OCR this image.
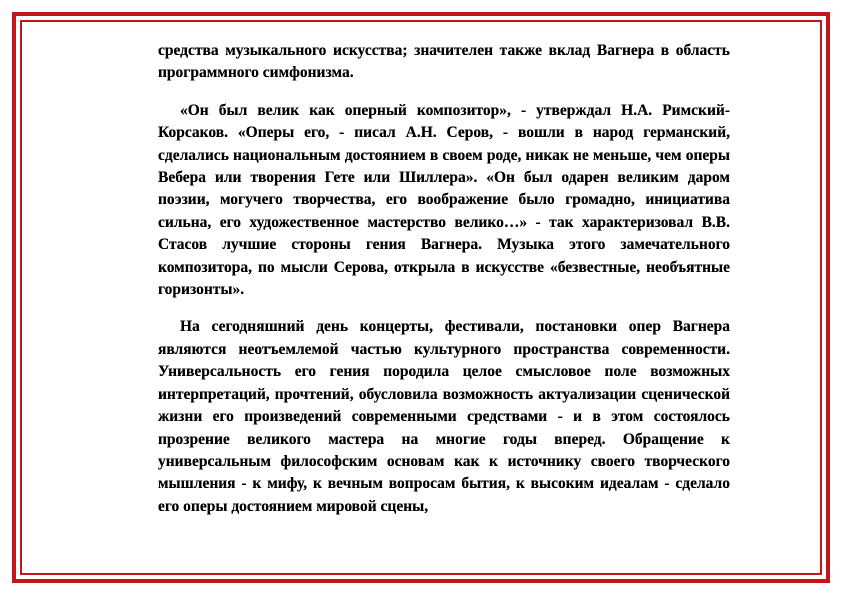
средства музыкального искусства; значителен также вклад Вагнера в область программного симфонизма.

«Он был велик как оперный композитор», - утверждал Н.А. Римский-Корсаков. «Оперы его, - писал А.Н. Серов, - вошли в народ германский, сделались национальным достоянием в своем роде, никак не меньше, чем оперы Вебера или творения Гете или Шиллера». «Он был одарен великим даром поэзии, могучего творчества, его воображение было громадно, инициатива сильна, его художественное мастерство велико…» - так характеризовал В.В. Стасов лучшие стороны гения Вагнера. Музыка этого замечательного композитора, по мысли Серова, открыла в искусстве «безвестные, необъятные горизонты».

На сегодняшний день концерты, фестивали, постановки опер Вагнера являются неотъемлемой частью культурного пространства современности. Универсальность его гения породила целое смысловое поле возможных интерпретаций, прочтений, обусловила возможность актуализации сценической жизни его произведений современными средствами - и в этом состоялось прозрение великого мастера на многие годы вперед. Обращение к универсальным философским основам как к источнику своего творческого мышления - к мифу, к вечным вопросам бытия, к высоким идеалам - сделало его оперы достоянием мировой сцены,
